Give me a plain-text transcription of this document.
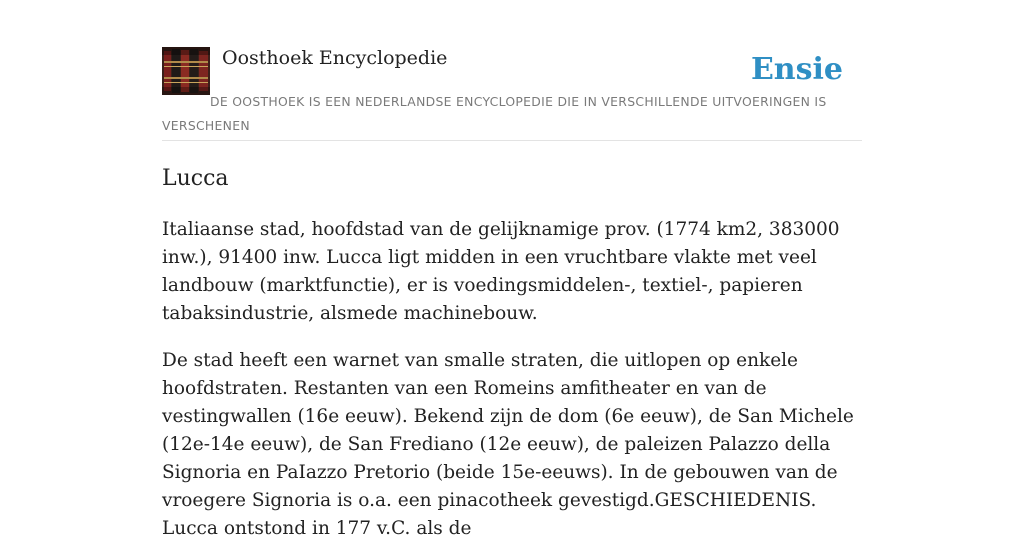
Oosthoek Encyclopedie	Ensie
DE OOSTHOEK IS EEN NEDERLANDSE ENCYCLOPEDIE DIE IN VERSCHILLENDE UITVOERINGEN IS VERSCHENEN
Lucca

Italiaanse stad, hoofdstad van de gelijknamige prov. (1774 km2, 383000 inw.), 91400 inw. Lucca ligt midden in een vruchtbare vlakte met veel landbouw (marktfunctie), er is voedingsmiddelen-, textiel-, papieren tabaksindustrie, alsmede machinebouw.

De stad heeft een warnet van smalle straten, die uitlopen op enkele hoofdstraten. Restanten van een Romeins amfitheater en van de vestingwallen (16e eeuw). Bekend zijn de dom (6e eeuw), de San Michele (12e-14e eeuw), de San Frediano (12e eeuw), de paleizen Palazzo della Signoria en PaIazzo Pretorio (beide 15e-eeuws). In de gebouwen van de vroegere Signoria is o.a. een pinacotheek gevestigd.GESCHIEDENIS. Lucca ontstond in 177 v.C. als de
